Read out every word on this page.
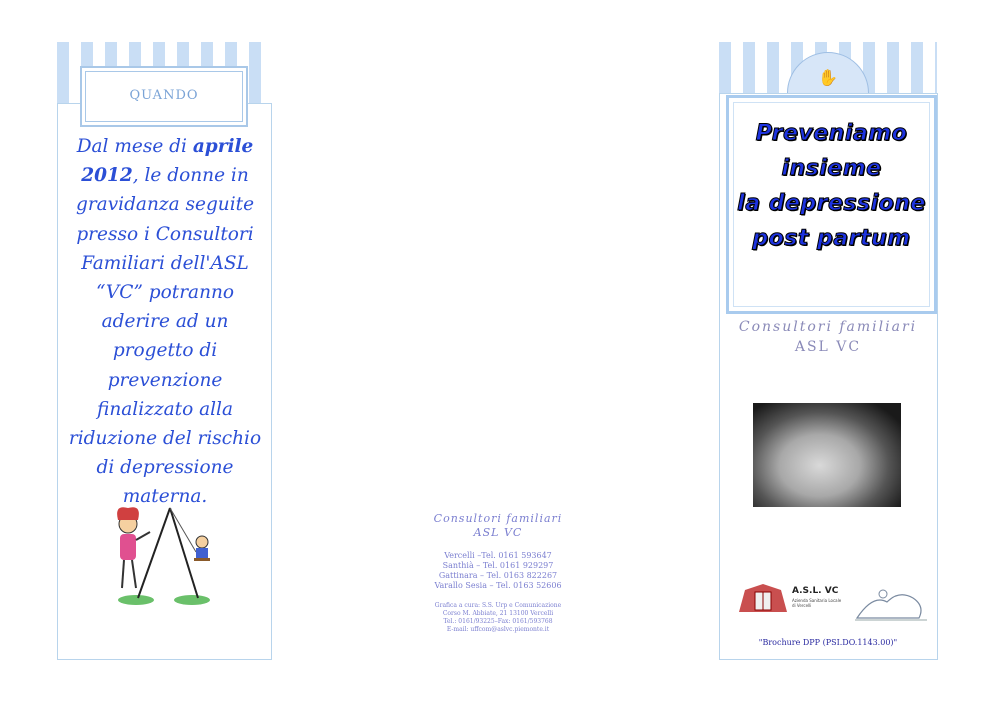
QUANDO
Dal mese di aprile 2012, le donne in gravidanza seguite presso i Consultori Familiari dell'ASL “VC” potranno aderire ad un progetto di prevenzione finalizzato alla riduzione del rischio di depressione materna.
Consultori familiari
ASL VC
Vercelli –Tel. 0161 593647
Santhià – Tel. 0161 929297
Gattinara – Tel. 0163 822267
Varallo Sesia – Tel. 0163 52606
Grafica a cura: S.S. Urp e Comunicazione
Corso M. Abbiate, 21 13100 Vercelli
Tel.: 0161/93225–Fax: 0161/593768
E-mail: uffcom@aslvc.piemonte.it
✋
Preveniamo
insieme
la depressione
post partum
Consultori familiari
ASL VC
A.S.L. VC
Azienda Sanitaria Locale di Vercelli
"Brochure DPP (PSI.DO.1143.00)"
